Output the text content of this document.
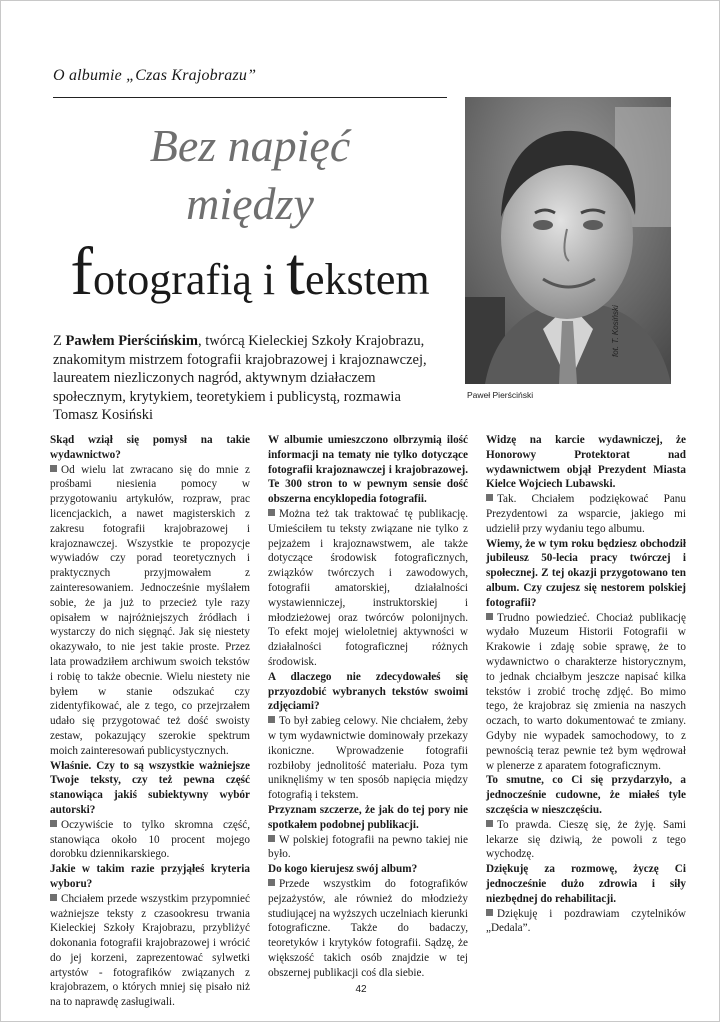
O albumie „Czas Krajobrazu”
Bez napięć
między
fotografią i tekstem
fot. T. Kosiński
Paweł Pierściński
Z Pawłem Pierścińskim, twórcą Kieleckiej Szkoły Krajobrazu, znakomitym mistrzem fotografii krajobrazowej i krajoznawczej, laureatem niezliczonych nagród, aktywnym działaczem społecznym, krytykiem, teoretykiem i publicystą, rozmawia Tomasz Kosiński

Skąd wziął się pomysł na takie wydawnictwo?

Od wielu lat zwracano się do mnie z prośbami niesienia pomocy w przygotowaniu artykułów, rozpraw, prac licencjackich, a nawet magisterskich z zakresu fotografii krajobrazowej i krajoznawczej. Wszystkie te propozycje wywiadów czy porad teoretycznych i praktycznych przyjmowałem z zainteresowaniem. Jednocześnie myślałem sobie, że ja już to przecież tyle razy opisałem w najróżniejszych źródłach i wystarczy do nich sięgnąć. Jak się niestety okazywało, to nie jest takie proste. Przez lata prowadziłem archiwum swoich tekstów i robię to także obecnie. Wielu niestety nie byłem w stanie odszukać czy zidentyfikować, ale z tego, co przejrzałem udało się przygotować też dość swoisty zestaw, pokazujący szerokie spektrum moich zainteresowań publicystycznych.

Właśnie. Czy to są wszystkie ważniejsze Twoje teksty, czy też pewna część stanowiąca jakiś subiektywny wybór autorski?

Oczywiście to tylko skromna część, stanowiąca około 10 procent mojego dorobku dziennikarskiego.

Jakie w takim razie przyjąłeś kryteria wyboru?

Chciałem przede wszystkim przypomnieć ważniejsze teksty z czasookresu trwania Kieleckiej Szkoły Krajobrazu, przybliżyć dokonania fotografii krajobrazowej i wrócić do jej korzeni, zaprezentować sylwetki artystów - fotografików związanych z krajobrazem, o których mniej się pisało niż na to naprawdę zasługiwali.

W albumie umieszczono olbrzymią ilość informacji na tematy nie tylko dotyczące fotografii krajoznawczej i krajobrazowej. Te 300 stron to w pewnym sensie dość obszerna encyklopedia fotografii.

Można też tak traktować tę publikację. Umieściłem tu teksty związane nie tylko z pejzażem i krajoznawstwem, ale także dotyczące środowisk fotograficznych, związków twórczych i zawodowych, fotografii amatorskiej, działalności wystawienniczej, instruktorskiej i młodzieżowej oraz twórców polonijnych. To efekt mojej wieloletniej aktywności w działalności fotograficznej różnych środowisk.

A dlaczego nie zdecydowałeś się przyozdobić wybranych tekstów swoimi zdjęciami?

To był zabieg celowy. Nie chciałem, żeby w tym wydawnictwie dominowały przekazy ikoniczne. Wprowadzenie fotografii rozbiłoby jednolitość materiału. Poza tym uniknęliśmy w ten sposób napięcia między fotografią i tekstem.

Przyznam szczerze, że jak do tej pory nie spotkałem podobnej publikacji.

W polskiej fotografii na pewno takiej nie było.

Do kogo kierujesz swój album?

Przede wszystkim do fotografików pejzażystów, ale również do młodzieży studiującej na wyższych uczelniach kierunki fotograficzne. Także do badaczy, teoretyków i krytyków fotografii. Sądzę, że większość takich osób znajdzie w tej obszernej publikacji coś dla siebie.

Widzę na karcie wydawniczej, że Honorowy Protektorat nad wydawnictwem objął Prezydent Miasta Kielce Wojciech Lubawski.

Tak. Chciałem podziękować Panu Prezydentowi za wsparcie, jakiego mi udzielił przy wydaniu tego albumu.

Wiemy, że w tym roku będziesz obchodził jubileusz 50-lecia pracy twórczej i społecznej. Z tej okazji przygotowano ten album. Czy czujesz się nestorem polskiej fotografii?

Trudno powiedzieć. Chociaż publikację wydało Muzeum Historii Fotografii w Krakowie i zdaję sobie sprawę, że to wydawnictwo o charakterze historycznym, to jednak chciałbym jeszcze napisać kilka tekstów i zrobić trochę zdjęć. Bo mimo tego, że krajobraz się zmienia na naszych oczach, to warto dokumentować te zmiany. Gdyby nie wypadek samochodowy, to z pewnością teraz pewnie też bym wędrował w plenerze z aparatem fotograficznym.

To smutne, co Ci się przydarzyło, a jednocześnie cudowne, że miałeś tyle szczęścia w nieszczęściu.

To prawda. Cieszę się, że żyję. Sami lekarze się dziwią, że powoli z tego wychodzę.

Dziękuję za rozmowę, życzę Ci jednocześnie dużo zdrowia i siły niezbędnej do rehabilitacji.

Dziękuję i pozdrawiam czytelników „Dedala”.

42
